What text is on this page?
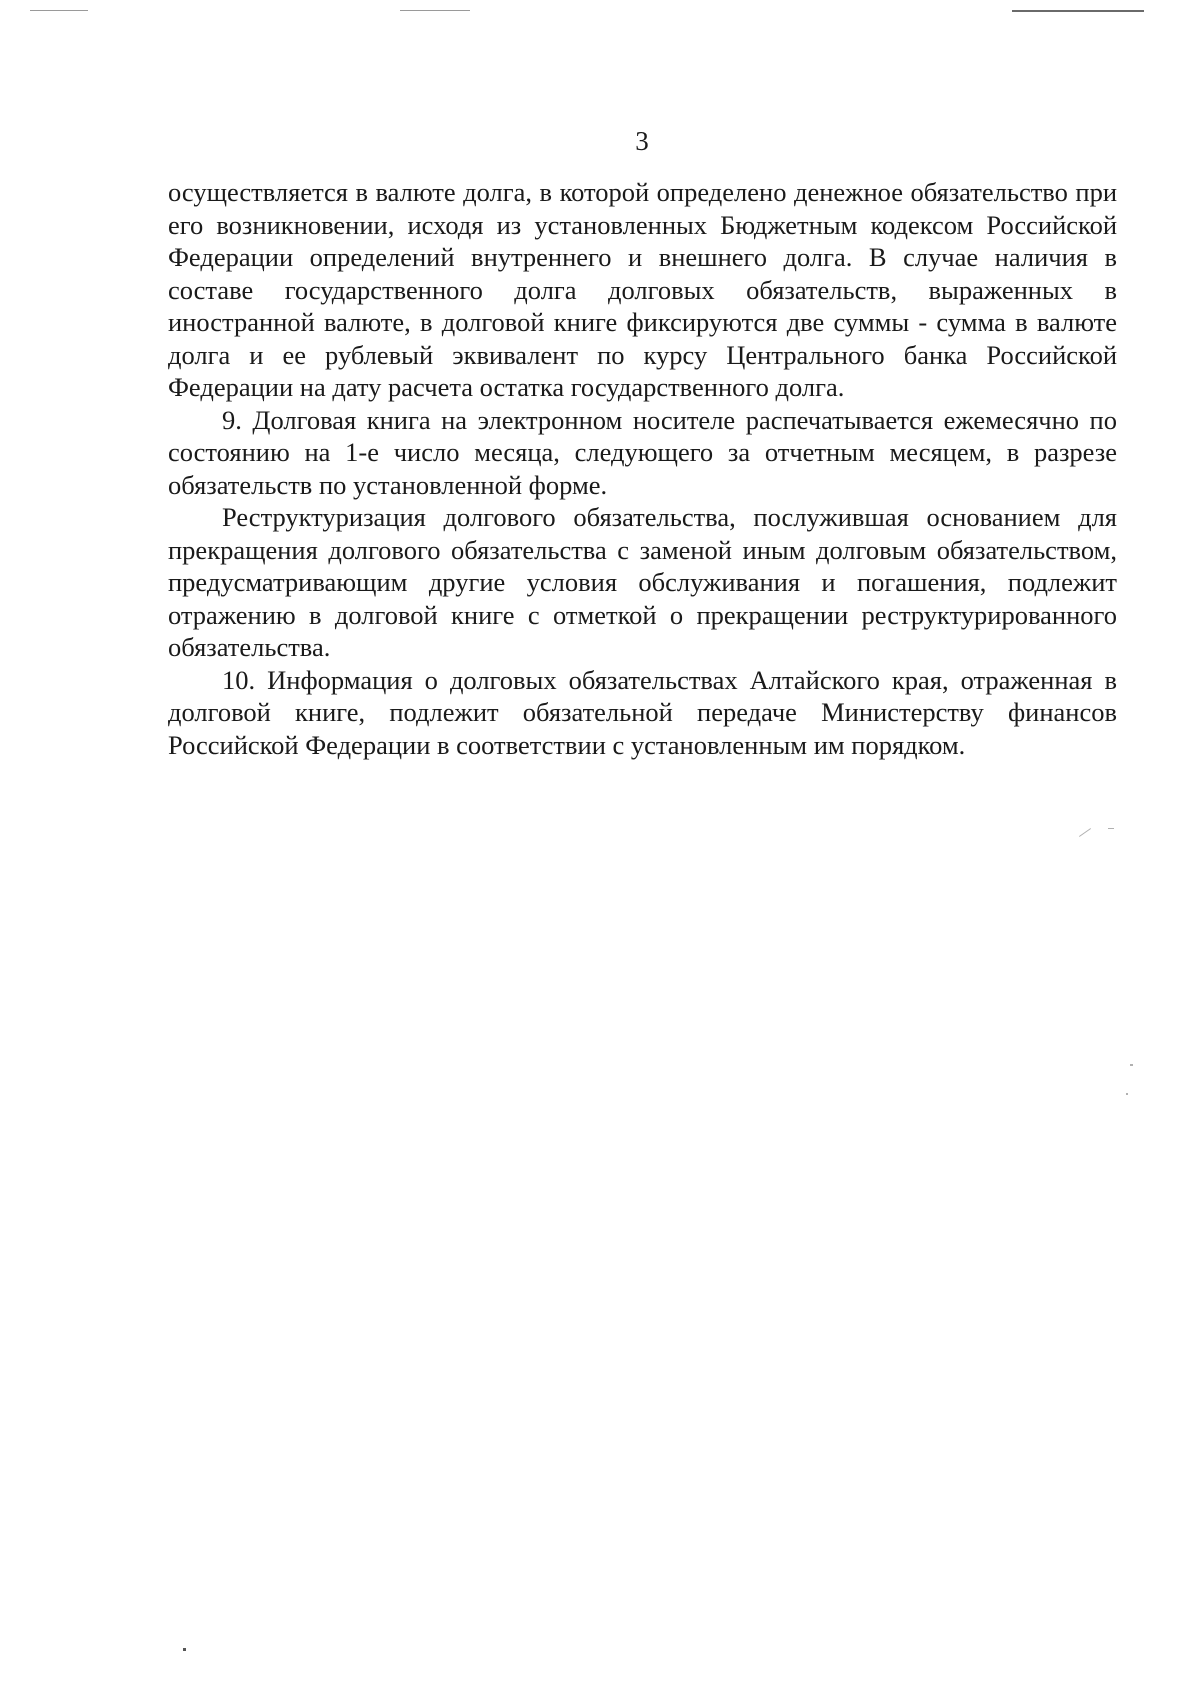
3

осуществляется в валюте долга, в которой определено денежное обязательство при его возникновении, исходя из установленных Бюджетным кодексом Российской Федерации определений внутреннего и внешнего долга. В случае наличия в составе государственного долга долговых обязательств, выраженных в иностранной валюте, в долговой книге фиксируются две суммы - сумма в валюте долга и ее рублевый эквивалент по курсу Центрального банка Российской Федерации на дату расчета остатка государственного долга.

9. Долговая книга на электронном носителе распечатывается ежемесячно по состоянию на 1-е число месяца, следующего за отчетным месяцем, в разрезе обязательств по установленной форме.

Реструктуризация долгового обязательства, послужившая основанием для прекращения долгового обязательства с заменой иным долговым обязательством, предусматривающим другие условия обслуживания и погашения, подлежит отражению в долговой книге с отметкой о прекращении реструктурированного обязательства.

10. Информация о долговых обязательствах Алтайского края, отраженная в долговой книге, подлежит обязательной передаче Министерству финансов Российской Федерации в соответствии с установленным им порядком.
